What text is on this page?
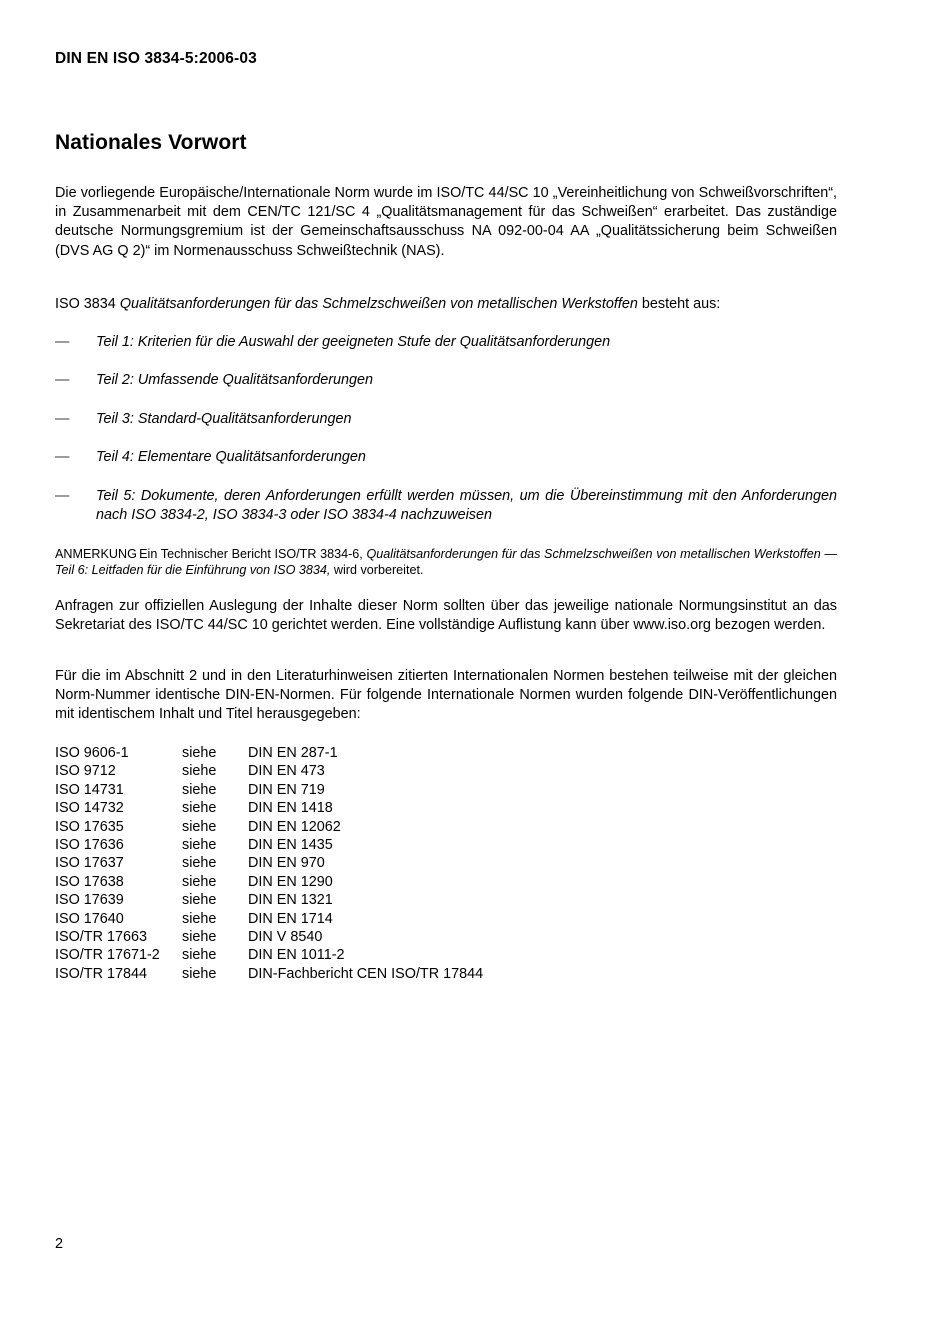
DIN EN ISO 3834-5:2006-03
Nationales Vorwort

Die vorliegende Europäische/Internationale Norm wurde im ISO/TC 44/SC 10 „Vereinheitlichung von Schweißvorschriften“, in Zusammenarbeit mit dem CEN/TC 121/SC 4 „Qualitätsmanagement für das Schweißen“ erarbeitet. Das zuständige deutsche Normungsgremium ist der Gemeinschaftsausschuss NA 092-00-04 AA „Qualitätssicherung beim Schweißen (DVS AG Q 2)“ im Normenausschuss Schweißtechnik (NAS).

ISO 3834 Qualitätsanforderungen für das Schmelzschweißen von metallischen Werkstoffen besteht aus:

—	Teil 1: Kriterien für die Auswahl der geeigneten Stufe der Qualitätsanforderungen
—	Teil 2: Umfassende Qualitätsanforderungen
—	Teil 3: Standard-Qualitätsanforderungen
—	Teil 4: Elementare Qualitätsanforderungen
—	Teil 5: Dokumente, deren Anforderungen erfüllt werden müssen, um die Übereinstimmung mit den Anforderungen nach ISO 3834-2, ISO 3834-3 oder ISO 3834-4 nachzuweisen

ANMERKUNG	Ein Technischer Bericht ISO/TR 3834-6, Qualitätsanforderungen für das Schmelzschweißen von metallischen Werkstoffen — Teil 6: Leitfaden für die Einführung von ISO 3834, wird vorbereitet.

Anfragen zur offiziellen Auslegung der Inhalte dieser Norm sollten über das jeweilige nationale Normungsinstitut an das Sekretariat des ISO/TC 44/SC 10 gerichtet werden. Eine vollständige Auflistung kann über www.iso.org bezogen werden.

Für die im Abschnitt 2 und in den Literaturhinweisen zitierten Internationalen Normen bestehen teilweise mit der gleichen Norm-Nummer identische DIN-EN-Normen. Für folgende Internationale Normen wurden folgende DIN-Veröffentlichungen mit identischem Inhalt und Titel herausgegeben:

ISO 9606-1	siehe	DIN EN 287-1
ISO 9712	siehe	DIN EN 473
ISO 14731	siehe	DIN EN 719
ISO 14732	siehe	DIN EN 1418
ISO 17635	siehe	DIN EN 12062
ISO 17636	siehe	DIN EN 1435
ISO 17637	siehe	DIN EN 970
ISO 17638	siehe	DIN EN 1290
ISO 17639	siehe	DIN EN 1321
ISO 17640	siehe	DIN EN 1714
ISO/TR 17663	siehe	DIN V 8540
ISO/TR 17671-2	siehe	DIN EN 1011-2
ISO/TR 17844	siehe	DIN-Fachbericht CEN ISO/TR 17844
2
